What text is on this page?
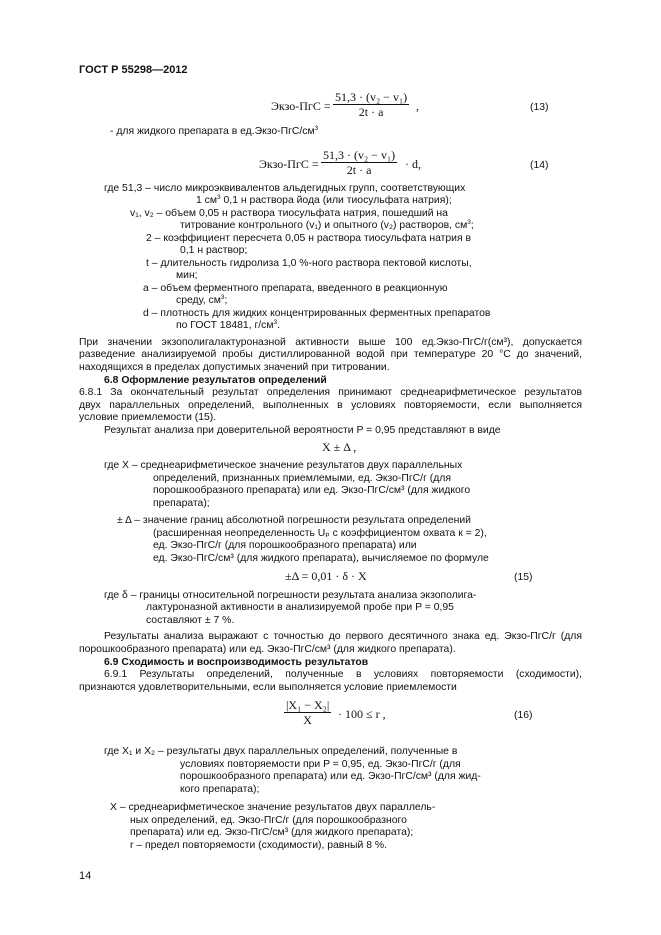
ГОСТ Р 55298—2012
Экзо-ПгС = $\frac{\text{51,3 · (v₂ − v₁)}}{2t \cdot a}$ ,	(13)
- для жидкого препарата в $ед.Экзо-ПгС/см^3$
Экзо-ПгС = $\frac{\text{51,3 · (v₂ − v₁)}}{2t \cdot a} \cdot d$,	(14)
где 51,3 – число микроэквивалентов альдегидных групп, соответствующих
1 $см^3$ 0,1 н раствора йода (или тиосульфата натрия);
v₁, v₂ – объем 0,05 н раствора тиосульфата натрия, пошедший на
титрование контрольного (v₁) и опытного (v₂) растворов, $см^3$;
2 – коэффициент пересчета 0,05 н раствора тиосульфата натрия в
0,1 н раствор;
t – длительность гидролиза 1,0 %-ного раствора пектовой кислоты,
мин;
а – объем ферментного препарата, введенного в реакционную
среду, $см^3$;
d – плотность для жидких концентрированных ферментных препаратов
по ГОСТ 18481, $г/см^3$.
При значении экзополигалактуроназной активности выше 100 ед.Экзо-ПгС/г(см³), допускается
разведение анализируемой пробы дистиллированной водой при температуре 20 °С до значений,
находящихся в пределах допустимых значений при титровании.
6.8 Оформление результатов определений
6.8.1 За окончательный результат определения принимают среднеарифметическое результатов
двух параллельных определений, выполненных в условиях повторяемости, если выполняется
условие приемлемости (15).
Результат анализа при доверительной вероятности P = 0,95 представляют в виде
X ± Δ ,
где X – среднеарифметическое значение результатов двух параллельных
определений, признанных приемлемыми, ед. Экзо-ПгС/г (для
порошкообразного препарата) или ед. Экзо-ПгС/см³ (для жидкого
препарата);
± Δ – значение границ абсолютной погрешности результата определений
(расширенная неопределенность Uₚ с коэффициентом охвата к = 2),
ед. Экзо-ПгС/г (для порошкообразного препарата) или
ед. Экзо-ПгС/см³ (для жидкого препарата), вычисляемое по формуле
±Δ = 0,01 · δ · X	(15)
где δ – границы относительной погрешности результата анализа экзополига-
лактуроназной активности в анализируемой пробе при P = 0,95
составляют ± 7 %.
Результаты анализа выражают с точностью до первого десятичного знака ед. Экзо-ПгС/г (для
порошкообразного препарата) или ед. Экзо-ПгС/см³ (для жидкого препарата).
6.9 Сходимость и воспроизводимость результатов
6.9.1 Результаты определений, полученные в условиях повторяемости (сходимости),
признаются удовлетворительными, если выполняется условие приемлемости
$\frac{\text{|X₁ − X₂|}}{X} \cdot 100 \le r$ ,	(16)
где X₁ и X₂ – результаты двух параллельных определений, полученные в
условиях повторяемости при P = 0,95, ед. Экзо-ПгС/г (для
порошкообразного препарата) или ед. Экзо-ПгС/см³ (для жид-
кого препарата);
X – среднеарифметическое значение результатов двух параллель-
ных определений, ед. Экзо-ПгС/г (для порошкообразного
препарата) или ед. Экзо-ПгС/см³ (для жидкого препарата);
r – предел повторяемости (сходимости), равный 8 %.
14
